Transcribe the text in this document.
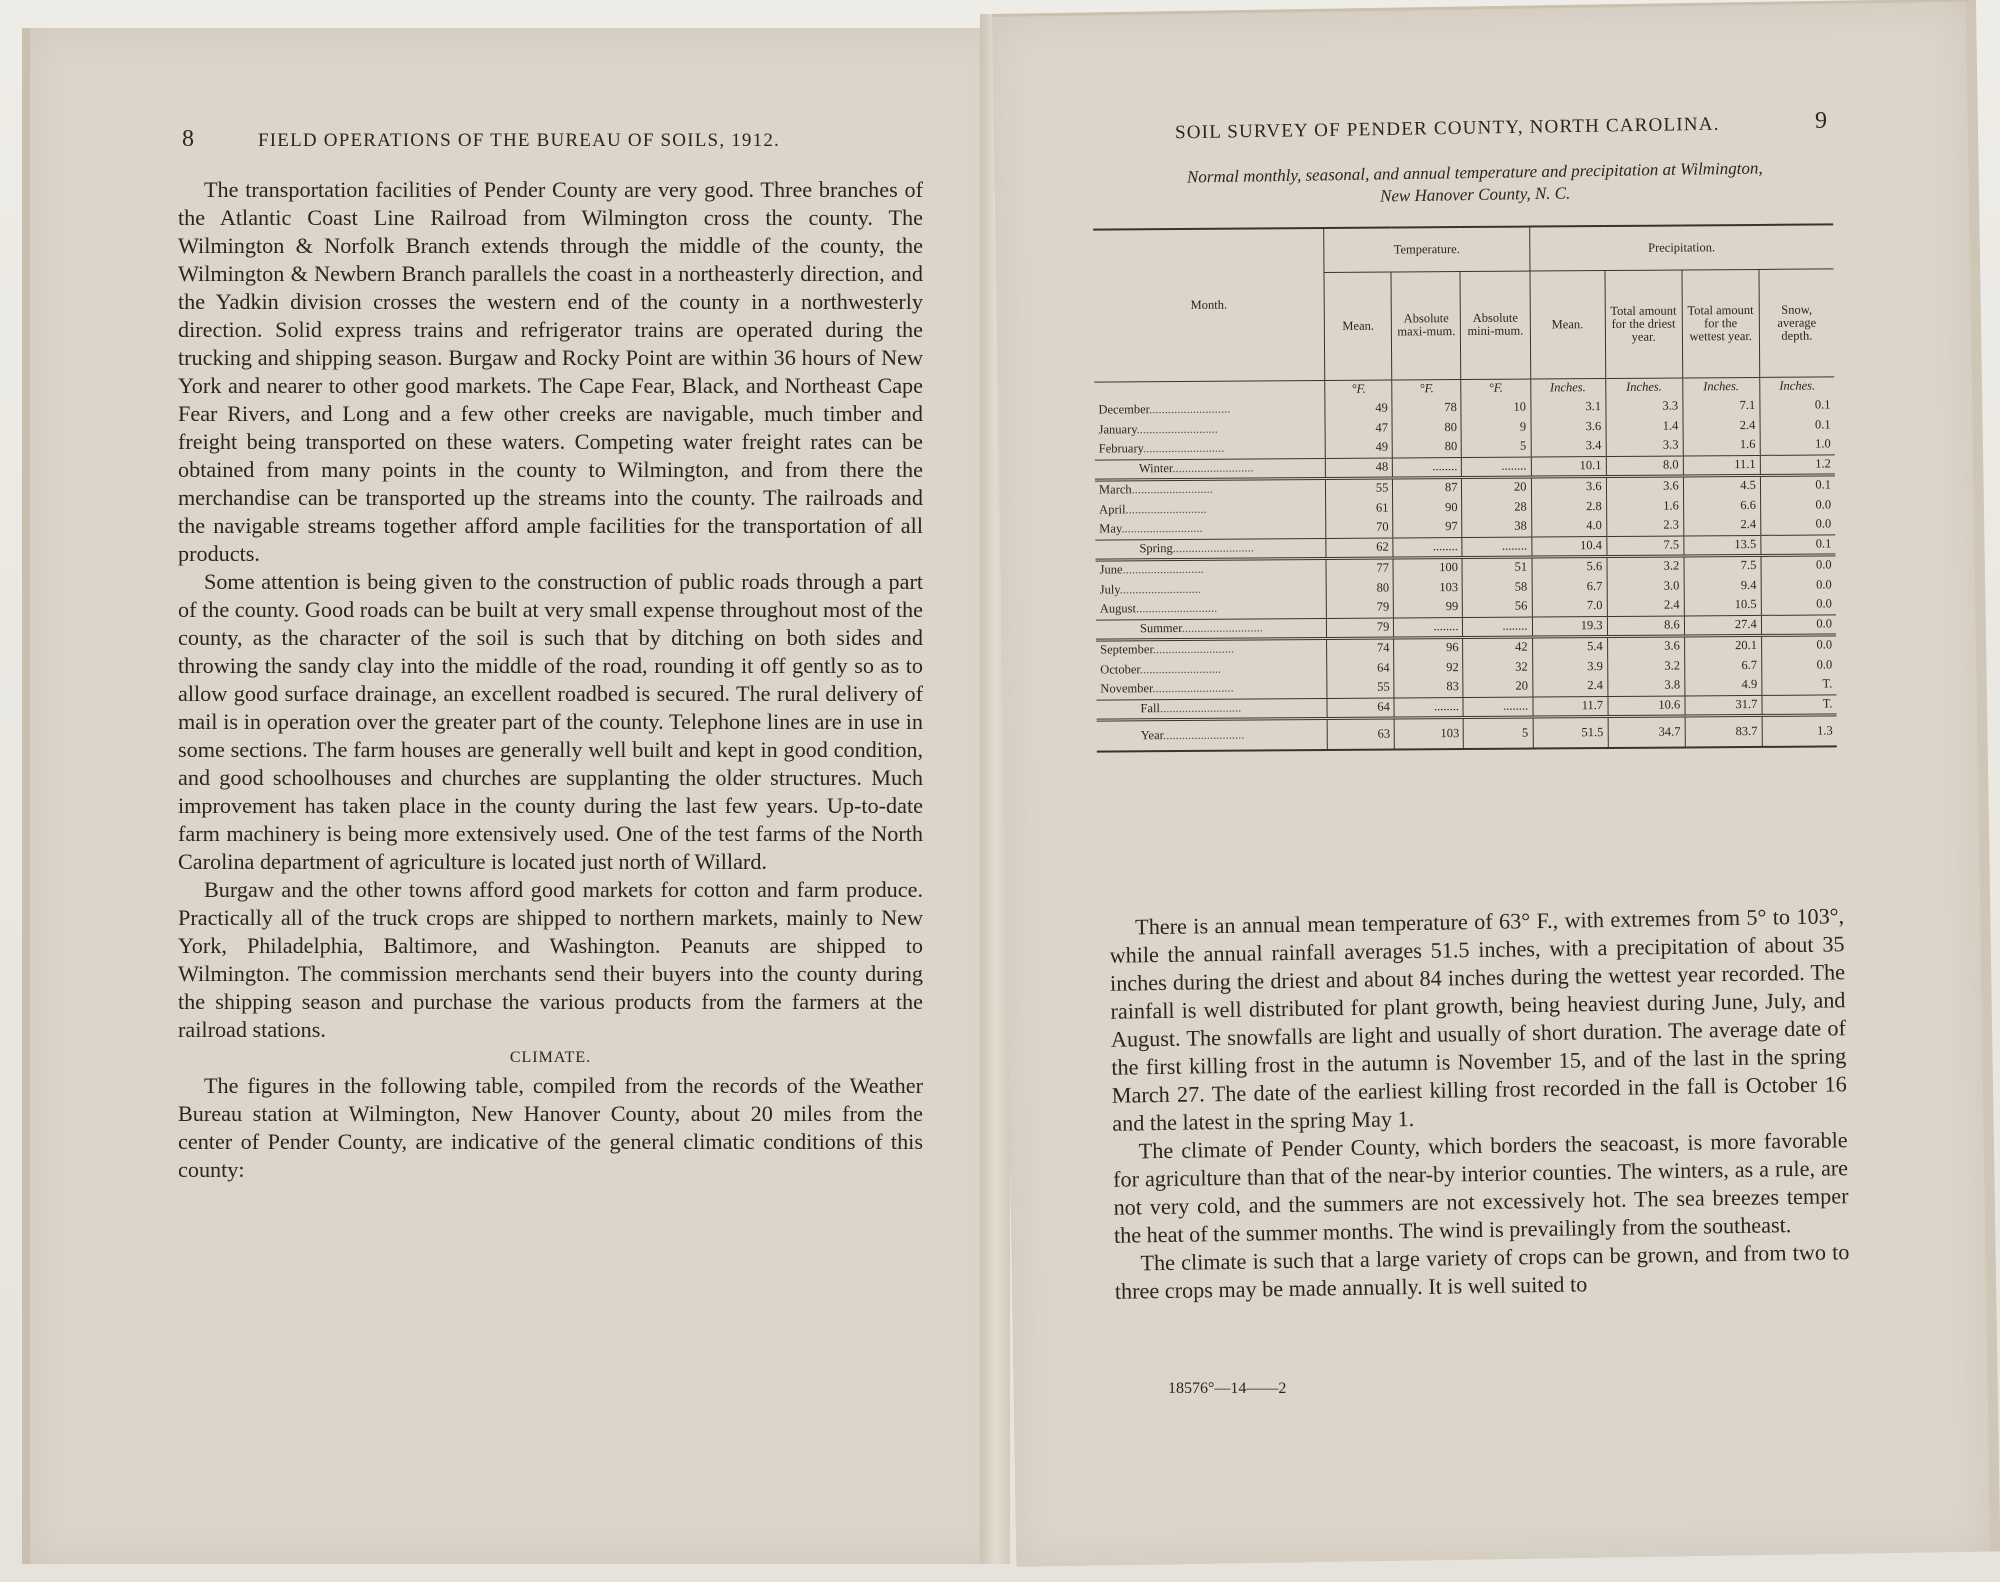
8	FIELD OPERATIONS OF THE BUREAU OF SOILS, 1912.

The transportation facilities of Pender County are very good. Three branches of the Atlantic Coast Line Railroad from Wilmington cross the county. The Wilmington & Norfolk Branch extends through the middle of the county, the Wilmington & Newbern Branch parallels the coast in a northeasterly direction, and the Yadkin division crosses the western end of the county in a northwesterly direction. Solid express trains and refrigerator trains are operated during the trucking and shipping season. Burgaw and Rocky Point are within 36 hours of New York and nearer to other good markets. The Cape Fear, Black, and Northeast Cape Fear Rivers, and Long and a few other creeks are navigable, much timber and freight being transported on these waters. Competing water freight rates can be obtained from many points in the county to Wilmington, and from there the merchandise can be transported up the streams into the county. The railroads and the navigable streams together afford ample facilities for the transportation of all products.

Some attention is being given to the construction of public roads through a part of the county. Good roads can be built at very small expense throughout most of the county, as the character of the soil is such that by ditching on both sides and throwing the sandy clay into the middle of the road, rounding it off gently so as to allow good surface drainage, an excellent roadbed is secured. The rural delivery of mail is in operation over the greater part of the county. Telephone lines are in use in some sections. The farm houses are generally well built and kept in good condition, and good schoolhouses and churches are supplanting the older structures. Much improvement has taken place in the county during the last few years. Up-to-date farm machinery is being more extensively used. One of the test farms of the North Carolina department of agriculture is located just north of Willard.

Burgaw and the other towns afford good markets for cotton and farm produce. Practically all of the truck crops are shipped to northern markets, mainly to New York, Philadelphia, Baltimore, and Washington. Peanuts are shipped to Wilmington. The commission merchants send their buyers into the county during the shipping season and purchase the various products from the farmers at the railroad stations.

CLIMATE.

The figures in the following table, compiled from the records of the Weather Bureau station at Wilmington, New Hanover County, about 20 miles from the center of Pender County, are indicative of the general climatic conditions of this county:

SOIL SURVEY OF PENDER COUNTY, NORTH CAROLINA.	9
Normal monthly, seasonal, and annual temperature and precipitation at Wilmington,
New Hanover County, N. C.
Month.	Temperature.			Precipitation.			
	Mean.	Absolute maxi-mum.	Absolute mini-mum.	Mean.	Total amount for the driest year.	Total amount for the wettest year.	Snow, average depth.
	°F.	°F.	°F.	Inches.	Inches.	Inches.	Inches.
December..........................	49	78	10	3.1	3.3	7.1	0.1
January..........................	47	80	9	3.6	1.4	2.4	0.1
February..........................	49	80	5	3.4	3.3	1.6	1.0
Winter..........................	48	........	........	10.1	8.0	11.1	1.2
March..........................	55	87	20	3.6	3.6	4.5	0.1
April..........................	61	90	28	2.8	1.6	6.6	0.0
May..........................	70	97	38	4.0	2.3	2.4	0.0
Spring..........................	62	........	........	10.4	7.5	13.5	0.1
June..........................	77	100	51	5.6	3.2	7.5	0.0
July..........................	80	103	58	6.7	3.0	9.4	0.0
August..........................	79	99	56	7.0	2.4	10.5	0.0
Summer..........................	79	........	........	19.3	8.6	27.4	0.0
September..........................	74	96	42	5.4	3.6	20.1	0.0
October..........................	64	92	32	3.9	3.2	6.7	0.0
November..........................	55	83	20	2.4	3.8	4.9	T.
Fall..........................	64	........	........	11.7	10.6	31.7	T.
Year..........................	63	103	5	51.5	34.7	83.7	1.3

There is an annual mean temperature of 63° F., with extremes from 5° to 103°, while the annual rainfall averages 51.5 inches, with a precipitation of about 35 inches during the driest and about 84 inches during the wettest year recorded. The rainfall is well distributed for plant growth, being heaviest during June, July, and August. The snowfalls are light and usually of short duration. The average date of the first killing frost in the autumn is November 15, and of the last in the spring March 27. The date of the earliest killing frost recorded in the fall is October 16 and the latest in the spring May 1.

The climate of Pender County, which borders the seacoast, is more favorable for agriculture than that of the near-by interior counties. The winters, as a rule, are not very cold, and the summers are not excessively hot. The sea breezes temper the heat of the summer months. The wind is prevailingly from the southeast.

The climate is such that a large variety of crops can be grown, and from two to three crops may be made annually. It is well suited to

18576°—14——2
